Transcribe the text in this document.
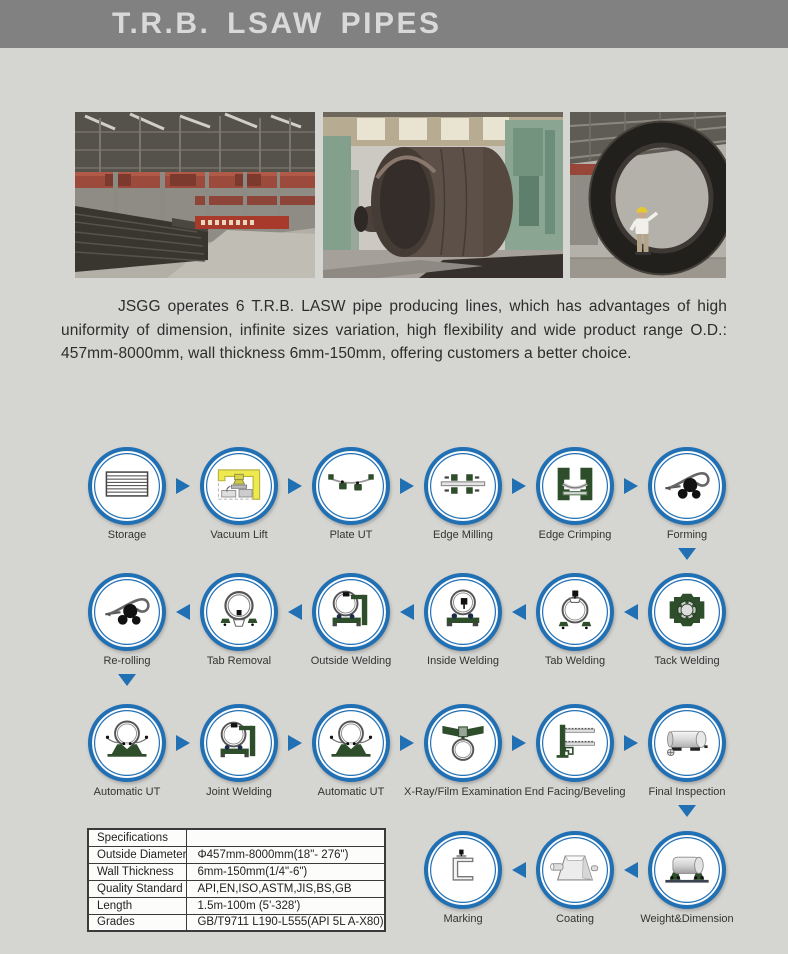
T.R.B. LSAW PIPES

JSGG operates 6 T.R.B. LASW pipe producing lines, which has advantages of high uniformity of dimension, infinite sizes variation, high flexibility and wide product range O.D.: 457mm-8000mm, wall thickness 6mm-150mm, offering customers a better choice.

Storage	Vacuum Lift	Plate UT	Edge Milling	Edge Crimping	Forming
Re-rolling	Tab Removal	Outside Welding	Inside Welding	Tab Welding	Tack Welding
Automatic UT	Joint Welding	Automatic UT	X-Ray/Film Examination End Facing/Beveling	Final Inspection
Marking	Coating	Weight&Dimension
Specifications	
Outside Diameter	Φ457mm-8000mm(18"- 276")
Wall Thickness	6mm-150mm(1/4"-6")
Quality Standard	API,EN,ISO,ASTM,JIS,BS,GB
Length	1.5m-100m (5'-328')
Grades	GB/T9711 L190-L555(API 5L A-X80)
